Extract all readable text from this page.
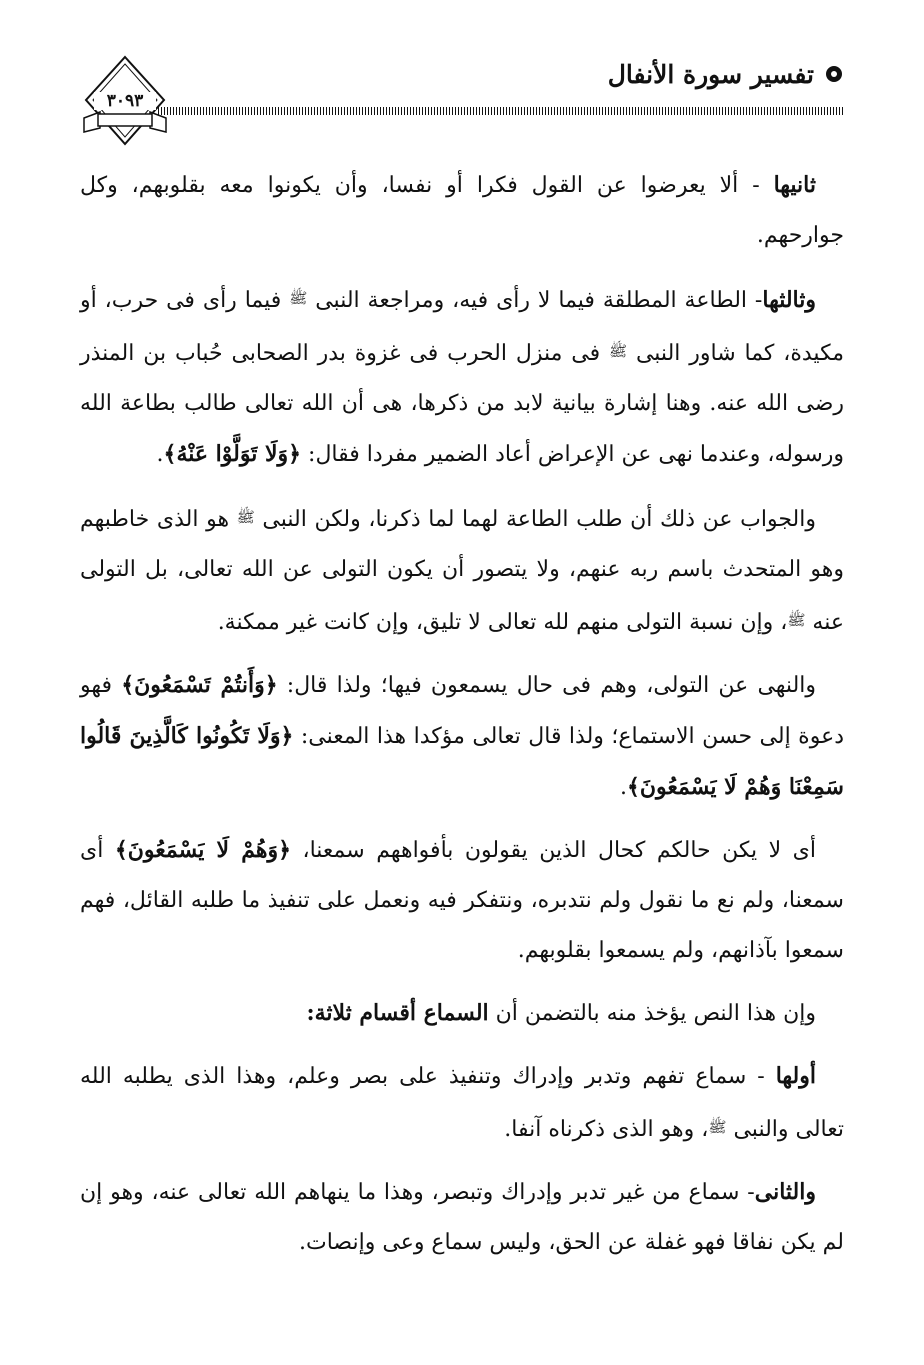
تفسير سورة الأنفال
٣٠٩٣

ثانيها - ألا يعرضوا عن القول فكرا أو نفسا، وأن يكونوا معه بقلوبهم، وكل جوارحهم.

وثالثها- الطاعة المطلقة فيما لا رأى فيه، ومراجعة النبى ﷺ فيما رأى فى حرب، أو مكيدة، كما شاور النبى ﷺ فى منزل الحرب فى غزوة بدر الصحابى حُباب بن المنذر رضى الله عنه. وهنا إشارة بيانية لابد من ذكرها، هى أن الله تعالى طالب بطاعة الله ورسوله، وعندما نهى عن الإعراض أعاد الضمير مفردا فقال: ﴿وَلَا تَوَلَّوْا عَنْهُ﴾.

والجواب عن ذلك أن طلب الطاعة لهما لما ذكرنا، ولكن النبى ﷺ هو الذى خاطبهم وهو المتحدث باسم ربه عنهم، ولا يتصور أن يكون التولى عن الله تعالى، بل التولى عنه ﷺ، وإن نسبة التولى منهم لله تعالى لا تليق، وإن كانت غير ممكنة.

والنهى عن التولى، وهم فى حال يسمعون فيها؛ ولذا قال: ﴿وَأَنتُمْ تَسْمَعُونَ﴾ فهو دعوة إلى حسن الاستماع؛ ولذا قال تعالى مؤكدا هذا المعنى: ﴿وَلَا تَكُونُوا كَالَّذِينَ قَالُوا سَمِعْنَا وَهُمْ لَا يَسْمَعُونَ﴾.

أى لا يكن حالكم كحال الذين يقولون بأفواههم سمعنا، ﴿وَهُمْ لَا يَسْمَعُونَ﴾ أى سمعنا، ولم نع ما نقول ولم نتدبره، ونتفكر فيه ونعمل على تنفيذ ما طلبه القائل، فهم سمعوا بآذانهم، ولم يسمعوا بقلوبهم.

وإن هذا النص يؤخذ منه بالتضمن أن السماع أقسام ثلاثة:

أولها - سماع تفهم وتدبر وإدراك وتنفيذ على بصر وعلم، وهذا الذى يطلبه الله تعالى والنبى ﷺ، وهو الذى ذكرناه آنفا.

والثانى- سماع من غير تدبر وإدراك وتبصر، وهذا ما ينهاهم الله تعالى عنه، وهو إن لم يكن نفاقا فهو غفلة عن الحق، وليس سماع وعى وإنصات.
